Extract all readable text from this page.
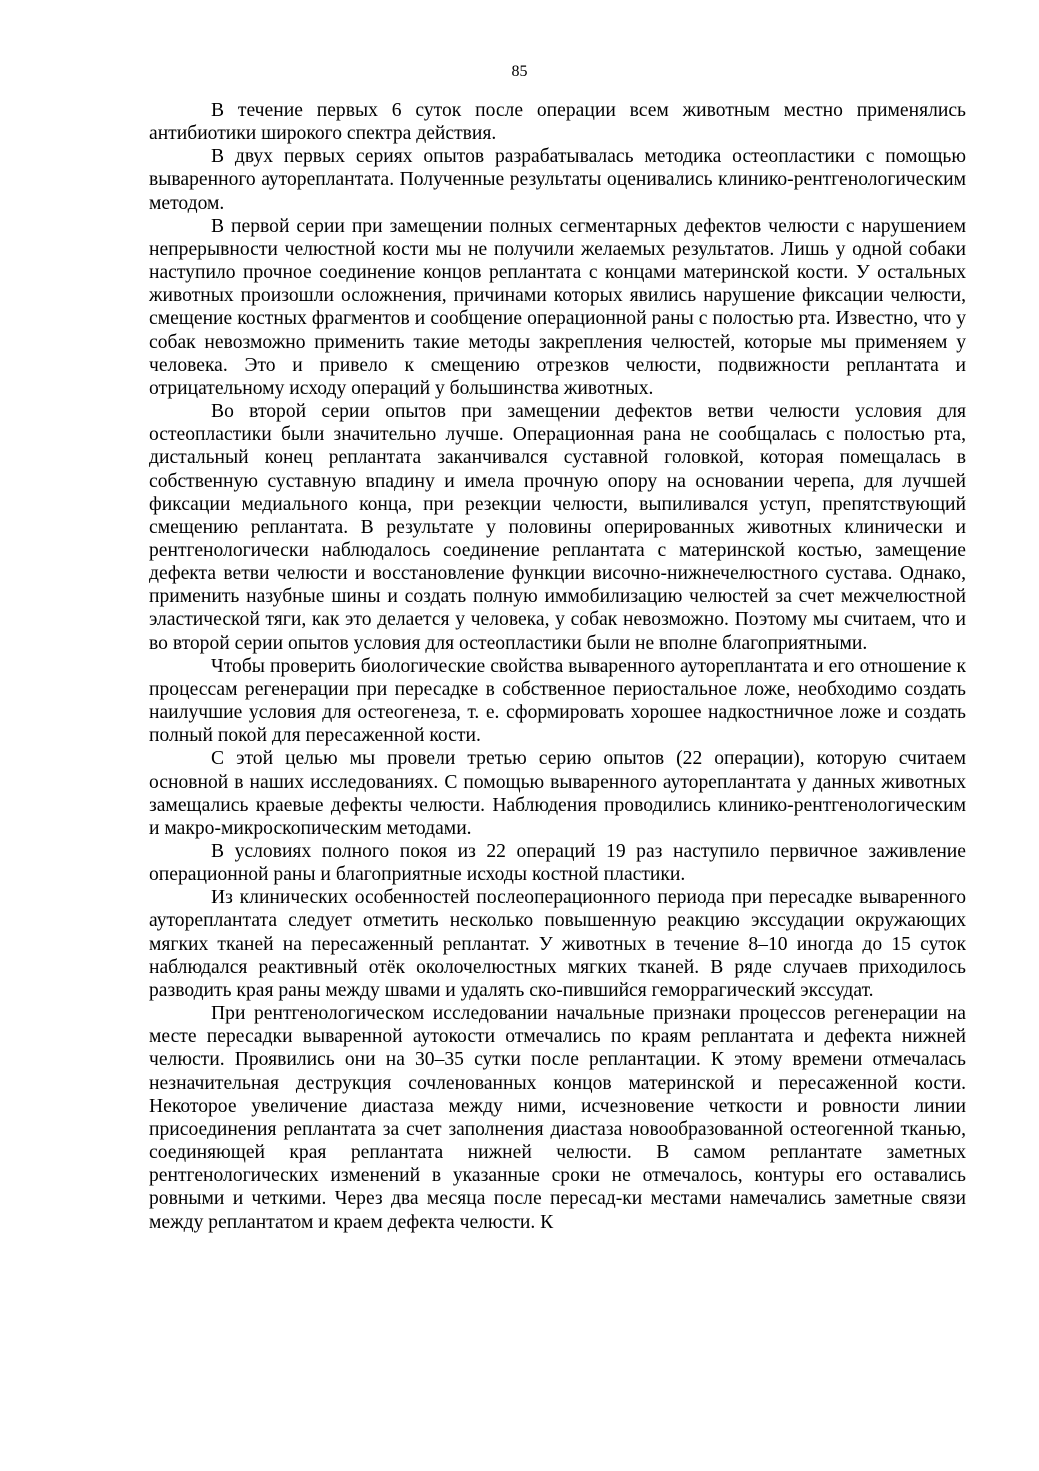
85

В течение первых 6 суток после операции всем животным местно применялись антибиотики широкого спектра действия.

В двух первых сериях опытов разрабатывалась методика остеопластики с помощью вываренного аутореплантата. Полученные результаты оценивались клинико-рентгенологическим методом.

В первой серии при замещении полных сегментарных дефектов челюсти с нарушением непрерывности челюстной кости мы не получили желаемых результатов. Лишь у одной собаки наступило прочное соединение концов реплантата с концами материнской кости. У остальных животных произошли осложнения, причинами которых явились нарушение фиксации челюсти, смещение костных фрагментов и сообщение операционной раны с полостью рта. Известно, что у собак невозможно применить такие методы закрепления челюстей, которые мы применяем у человека. Это и привело к смещению отрезков челюсти, подвижности реплантата и отрицательному исходу операций у большинства животных.

Во второй серии опытов при замещении дефектов ветви челюсти условия для остеопластики были значительно лучше. Операционная рана не сообщалась с полостью рта, дистальный конец реплантата заканчивался суставной головкой, которая помещалась в собственную суставную впадину и имела прочную опору на основании черепа, для лучшей фиксации медиального конца, при резекции челюсти, выпиливался уступ, препятствующий смещению реплантата. В результате у половины оперированных животных клинически и рентгенологически наблюдалось соединение реплантата с материнской костью, замещение дефекта ветви челюсти и восстановление функции височно-нижнечелюстного сустава. Однако, применить назубные шины и создать полную иммобилизацию челюстей за счет межчелюстной эластической тяги, как это делается у человека, у собак невозможно. Поэтому мы считаем, что и во второй серии опытов условия для остеопластики были не вполне благоприятными.

Чтобы проверить биологические свойства вываренного аутореплантата и его отношение к процессам регенерации при пересадке в собственное периостальное ложе, необходимо создать наилучшие условия для остеогенеза, т. е. сформировать хорошее надкостничное ложе и создать полный покой для пересаженной кости.

С этой целью мы провели третью серию опытов (22 операции), которую считаем основной в наших исследованиях. С помощью вываренного аутореплантата у данных животных замещались краевые дефекты челюсти. Наблюдения проводились клинико-рентгенологическим и макро-микроскопическим методами.

В условиях полного покоя из 22 операций 19 раз наступило первичное заживление операционной раны и благоприятные исходы костной пластики.

Из клинических особенностей послеоперационного периода при пересадке вываренного аутореплантата следует отметить несколько повышенную реакцию экссудации окружающих мягких тканей на пересаженный реплантат. У животных в течение 8–10 иногда до 15 суток наблюдался реактивный отёк околочелюстных мягких тканей. В ряде случаев приходилось разводить края раны между швами и удалять ско-пившийся геморрагический экссудат.

При рентгенологическом исследовании начальные признаки процессов регенерации на месте пересадки вываренной аутокости отмечались по краям реплантата и дефекта нижней челюсти. Проявились они на 30–35 сутки после реплантации. К этому времени отмечалась незначительная деструкция сочленованных концов материнской и пересаженной кости. Некоторое увеличение диастаза между ними, исчезновение четкости и ровности линии присоединения реплантата за счет заполнения диастаза новообразованной остеогенной тканью, соединяющей края реплантата нижней челюсти. В самом реплантате заметных рентгенологических изменений в указанные сроки не отмечалось, контуры его оставались ровными и четкими. Через два месяца после пересад-ки местами намечались заметные связи между реплантатом и краем дефекта челюсти. К
